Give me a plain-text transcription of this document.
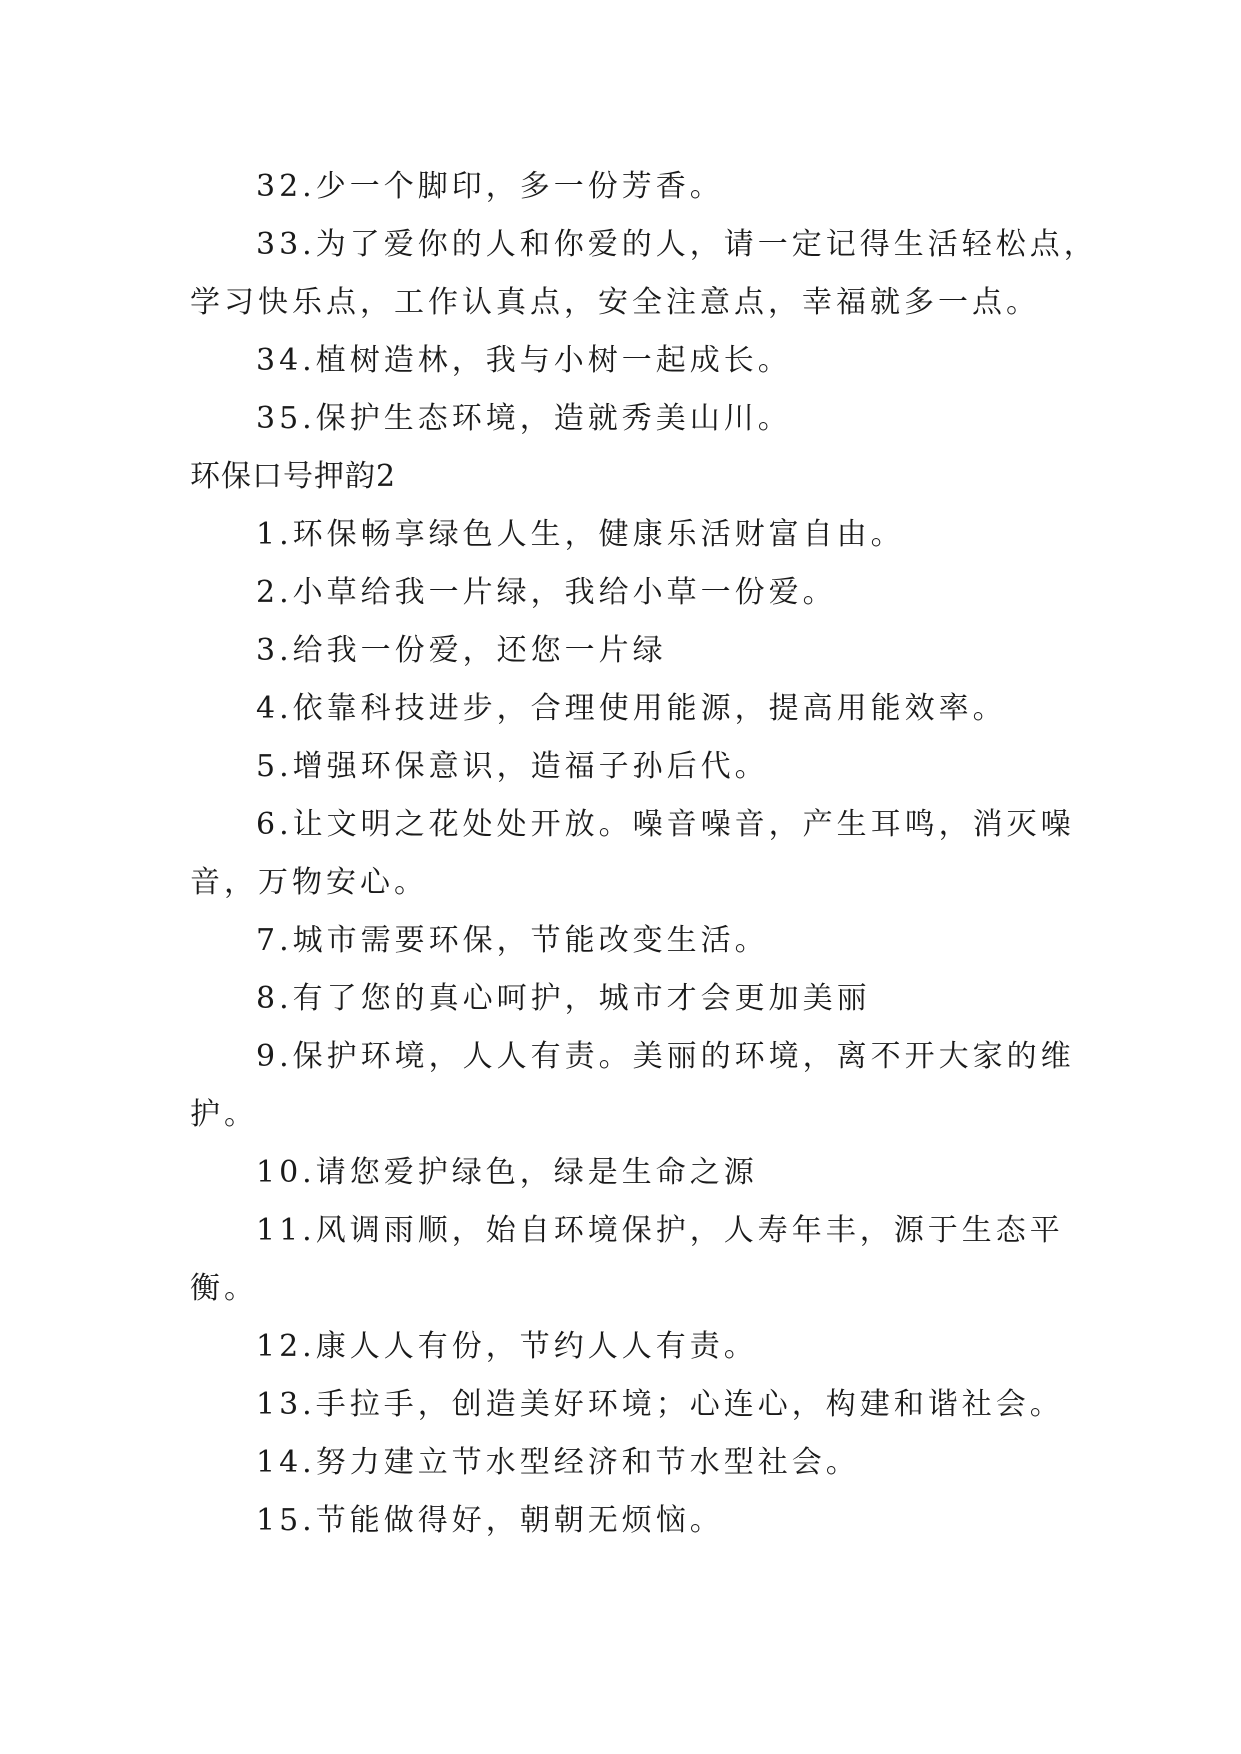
32.少一个脚印，多一份芳香。
33.为了爱你的人和你爱的人，请一定记得生活轻松点，
学习快乐点，工作认真点，安全注意点，幸福就多一点。
34.植树造林，我与小树一起成长。
35.保护生态环境，造就秀美山川。
环保口号押韵2
1.环保畅享绿色人生，健康乐活财富自由。
2.小草给我一片绿，我给小草一份爱。
3.给我一份爱，还您一片绿
4.依靠科技进步，合理使用能源，提高用能效率。
5.增强环保意识，造福子孙后代。
6.让文明之花处处开放。噪音噪音，产生耳鸣，消灭噪
音，万物安心。
7.城市需要环保，节能改变生活。
8.有了您的真心呵护，城市才会更加美丽
9.保护环境，人人有责。美丽的环境，离不开大家的维
护。
10.请您爱护绿色，绿是生命之源
11.风调雨顺，始自环境保护，人寿年丰，源于生态平
衡。
12.康人人有份，节约人人有责。
13.手拉手，创造美好环境；心连心，构建和谐社会。
14.努力建立节水型经济和节水型社会。
15.节能做得好，朝朝无烦恼。
